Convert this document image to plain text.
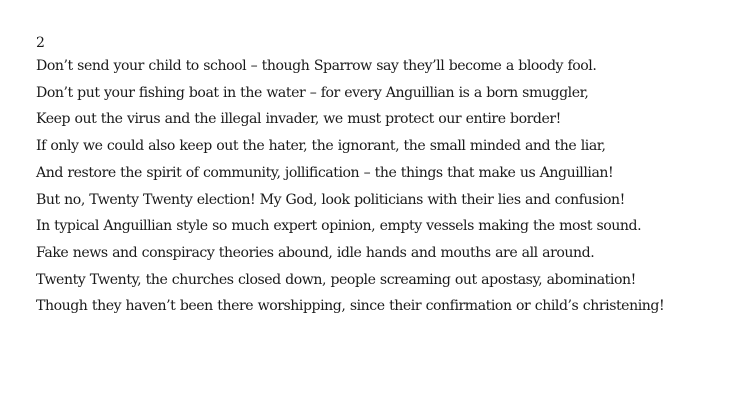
2
Don’t send your child to school – though Sparrow say they’ll become a bloody fool.
Don’t put your fishing boat in the water – for every Anguillian is a born smuggler,
Keep out the virus and the illegal invader, we must protect our entire border!
If only we could also keep out the hater, the ignorant, the small minded and the liar,
And restore the spirit of community, jollification – the things that make us Anguillian!
But no, Twenty Twenty election! My God, look politicians with their lies and confusion!
In typical Anguillian style so much expert opinion, empty vessels making the most sound.
Fake news and conspiracy theories abound, idle hands and mouths are all around.
Twenty Twenty, the churches closed down, people screaming out apostasy, abomination!
Though they haven’t been there worshipping, since their confirmation or child’s christening!
